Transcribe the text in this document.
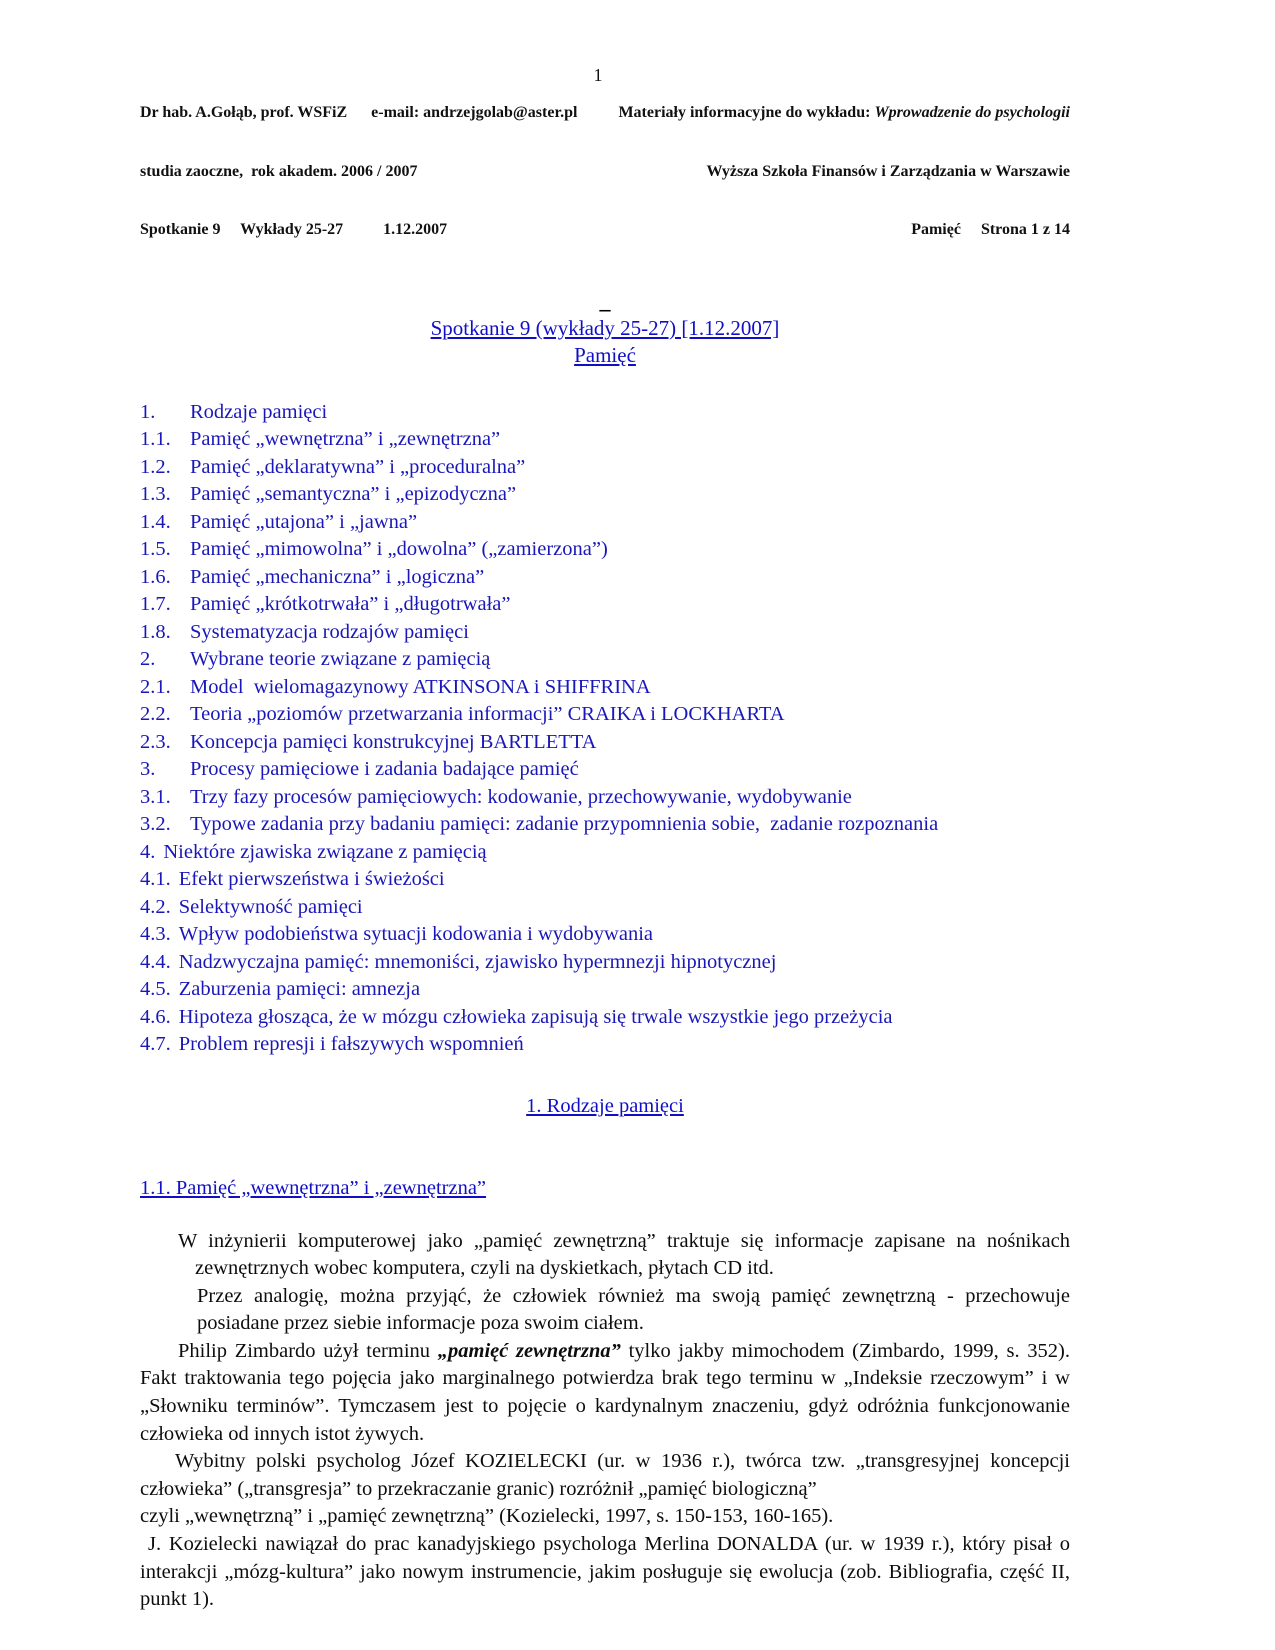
Dr hab. A.Gołąb, prof. WSFiZ      e-mail: andrzejgolab@aster.pl

studia zaoczne,  rok akadem. 2006 / 2007

Spotkanie 9     Wykłady 25-27          1.12.2007

1

Materiały informacyjne do wykładu: Wprowadzenie do psychologii

Wyższa Szkoła Finansów i Zarządzania w Warszawie

Pamięć     Strona 1 z 14

–
Spotkanie 9 (wykłady 25-27) [1.12.2007]
Pamięć
1. Rodzaje pamięci
1.1. Pamięć „wewnętrzna” i „zewnętrzna”
1.2. Pamięć „deklaratywna” i „proceduralna”
1.3. Pamięć „semantyczna” i „epizodyczna”
1.4. Pamięć „utajona” i „jawna”
1.5. Pamięć „mimowolna” i „dowolna” („zamierzona”)
1.6. Pamięć „mechaniczna” i „logiczna”
1.7. Pamięć „krótkotrwała” i „długotrwała”
1.8. Systematyzacja rodzajów pamięci
2. Wybrane teorie związane z pamięcią
2.1. Model  wielomagazynowy ATKINSONA i SHIFFRINA
2.2. Teoria „poziomów przetwarzania informacji” CRAIKA i LOCKHARTA
2.3. Koncepcja pamięci konstrukcyjnej BARTLETTA
3. Procesy pamięciowe i zadania badające pamięć
3.1. Trzy fazy procesów pamięciowych: kodowanie, przechowywanie, wydobywanie
3.2. Typowe zadania przy badaniu pamięci: zadanie przypomnienia sobie,  zadanie rozpoznania
4. Niektóre zjawiska związane z pamięcią
4.1. Efekt pierwszeństwa i świeżości
4.2. Selektywność pamięci
4.3. Wpływ podobieństwa sytuacji kodowania i wydobywania
4.4. Nadzwyczajna pamięć: mnemoniści, zjawisko hypermnezji hipnotycznej
4.5. Zaburzenia pamięci: amnezja
4.6. Hipoteza głosząca, że w mózgu człowieka zapisują się trwale wszystkie jego przeżycia
4.7. Problem represji i fałszywych wspomnień
1. Rodzaje pamięci
1.1. Pamięć „wewnętrzna” i „zewnętrzna”

W inżynierii komputerowej jako „pamięć zewnętrzną” traktuje się informacje zapisane na nośnikach zewnętrznych wobec komputera, czyli na dyskietkach, płytach CD itd.

Przez analogię, można przyjąć, że człowiek również ma swoją pamięć zewnętrzną - przechowuje posiadane przez siebie informacje poza swoim ciałem.

Philip Zimbardo użył terminu „pamięć zewnętrzna” tylko jakby mimochodem (Zimbardo, 1999, s. 352). Fakt traktowania tego pojęcia jako marginalnego potwierdza brak tego terminu w „Indeksie rzeczowym” i w „Słowniku terminów”. Tymczasem jest to pojęcie o kardynalnym znaczeniu, gdyż odróżnia funkcjonowanie człowieka od innych istot żywych.

Wybitny polski psycholog Józef KOZIELECKI (ur. w 1936 r.), twórca tzw. „transgresyjnej koncepcji człowieka” („transgresja” to przekraczanie granic) rozróżnił „pamięć biologiczną”

czyli „wewnętrzną” i „pamięć zewnętrzną” (Kozielecki, 1997, s. 150-153, 160-165).

J. Kozielecki nawiązał do prac kanadyjskiego psychologa Merlina DONALDA (ur. w 1939 r.), który pisał o interakcji „mózg-kultura” jako nowym instrumencie, jakim posługuje się ewolucja (zob. Bibliografia, część II, punkt 1).
